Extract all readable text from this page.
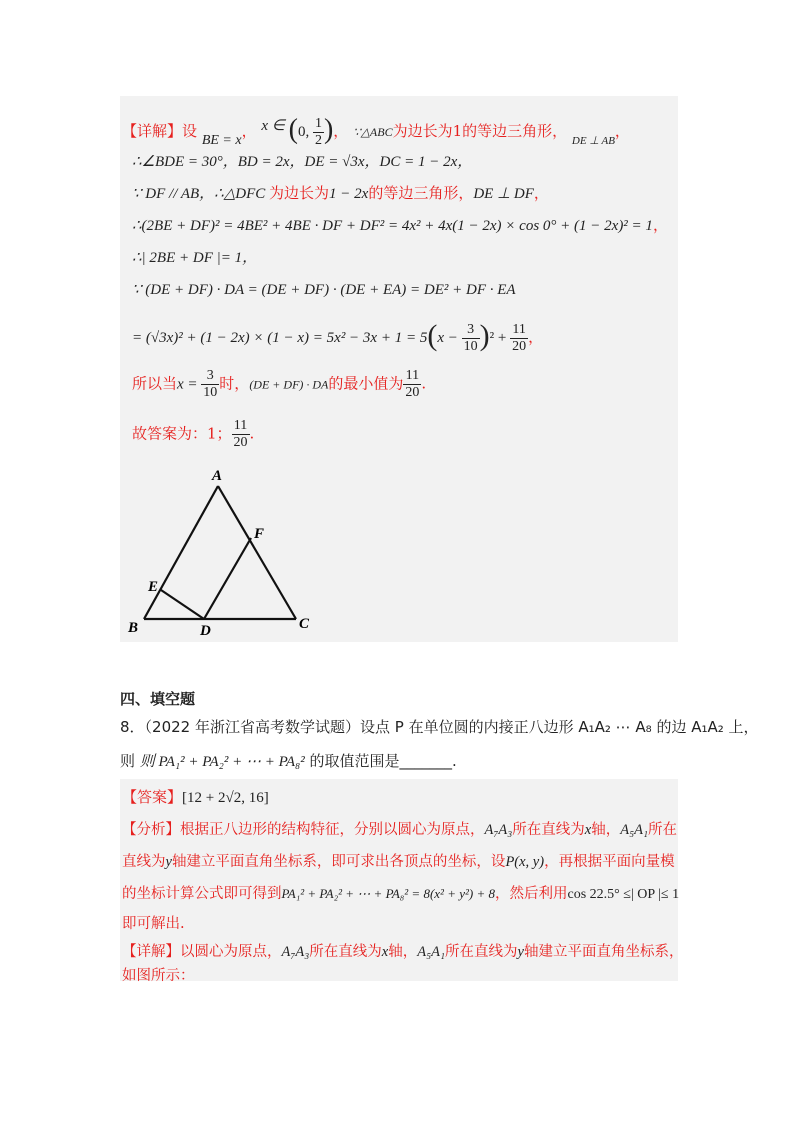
【详解】设 BE = x， x ∈ (0, $\frac{1}{2}$ )， ∵△ABC为边长为1的等边三角形， $_{DE \perp AB}$，
∴∠BDE = 30°，BD = 2x，DE = √3x，DC = 1 − 2x，
∵ DF // AB，∴△DFC 为边长为1 − 2x的等边三角形，DE ⊥ DF，
∴(2BE + DF)² = 4BE² + 4BE · DF + DF² = 4x² + 4x(1 − 2x) × cos 0° + (1 − 2x)² = 1，
∴| 2BE + DF |= 1，
∵ (DE + DF) · DA = (DE + DF) · (DE + EA) = DE² + DF · EA
= $(√3x)^2 + (1 - 2x) \times (1 - x) = 5x^2 - 3x + 1 = 5(x - \frac{3}{10} )^2 + \frac{11}{20}$ ，
所以当$x = \frac{3}{10}$ 时，(DE + DF) · DA的最小值为 $\frac{11}{20}$ .
故答案为：1； $\frac{11}{20}$ .
A
F
E
B	D	C
四、填空题
8．（2022 年浙江省高考数学试题）设点 P 在单位圆的内接正八边形 A₁A₂ ⋯ A₈ 的边 A₁A₂ 上，
则 则 PA₁² + PA₂² + ⋯ + PA₈² 的取值范围是_______.
【答案】[12 + 2√2, 16]
【分析】根据正八边形的结构特征，分别以圆心为原点，A₇A₃所在直线为x轴，A₅A₁所在
直线为y轴建立平面直角坐标系，即可求出各顶点的坐标，设P(x, y)，再根据平面向量模
的坐标计算公式即可得到PA₁² + PA₂² + ⋯ + PA₈² = 8(x² + y²) + 8，然后利用cos 22.5° ≤| OP |≤ 1
即可解出.
【详解】以圆心为原点，A₇A₃所在直线为x轴，A₅A₁所在直线为y轴建立平面直角坐标系，
如图所示：
